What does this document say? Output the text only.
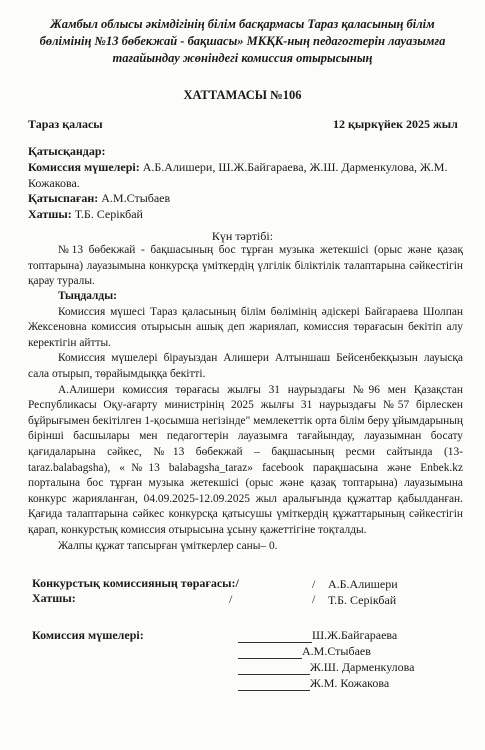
Жамбыл облысы әкімдігінің білім басқармасы Тараз қаласының білім
бөлімінің №13 бөбекжай - бақшасы» МКҚК-ның педагогтерін лауазымға
тағайындау жөніндегі комиссия отырысының
ХАТТАМАСЫ №106
Тараз қаласы	12 қыркүйек 2025 жыл
Қатысқандар:
Комиссия мүшелері: А.Б.Алишери, Ш.Ж.Байгараева, Ж.Ш. Дарменкулова, Ж.М. Кожакова.
Қатыспаған: А.М.Стыбаев
Хатшы: Т.Б. Серікбай
Күн тәртібі:

№13 бөбекжай - бақшасының бос тұрған музыка жетекшісі (орыс және қазақ топтарына) лауазымына конкурсқа үміткердің үлгілік біліктілік талаптарына сәйкестігін қарау туралы.

Тыңдалды:

Комиссия мүшесі Тараз қаласының білім бөлімінің әдіскері Байгараева Шолпан Жексеновна комиссия отырысын ашық деп жариялап, комиссия төрағасын бекітіп алу керектігін айтты.

Комиссия мүшелері бірауыздан Алишери Алтыншаш Бейсенбекқызын лауысқа сала отырып, төрайымдыққа бекітті.

А.Алишери комиссия төрағасы жылғы 31 наурыздағы №96 мен Қазақстан Республикасы Оқу-ағарту министрінің 2025 жылғы 31 наурыздағы №57 бірлескен бұйрығымен бекітілген 1-қосымша негізінде" мемлекеттік орта білім беру ұйымдарының бірінші басшылары мен педагогтерін лауазымға тағайындау, лауазымнан босату қағидаларына сәйкес, №13 бөбекжай – бақшасының ресми сайтында (13-taraz.balabagsha), «№13 balabagsha_taraz» facebook парақшасына және Enbek.kz порталына бос тұрған музыка жетекшісі (орыс және қазақ топтарына) лауазымына конкурс жарияланған, 04.09.2025-12.09.2025 жыл аралығында құжаттар қабылданған. Қағида талаптарына сәйкес конкурсқа қатысушы үміткердің құжаттарының сәйкестігін қарап, конкурстық комиссия отырысына ұсыну қажеттігіне тоқталды.

Жалпы құжат тапсырған үміткерлер саны– 0.

Конкурстық комиссияның төрағасы:/	/ А.Б.Алишери
Хатшы:	/	/ Т.Б. Серікбай
Комиссия мүшелері:	Ш.Ж.Байгараева
А.М.Стыбаев
Ж.Ш. Дарменкулова
Ж.М. Кожакова
